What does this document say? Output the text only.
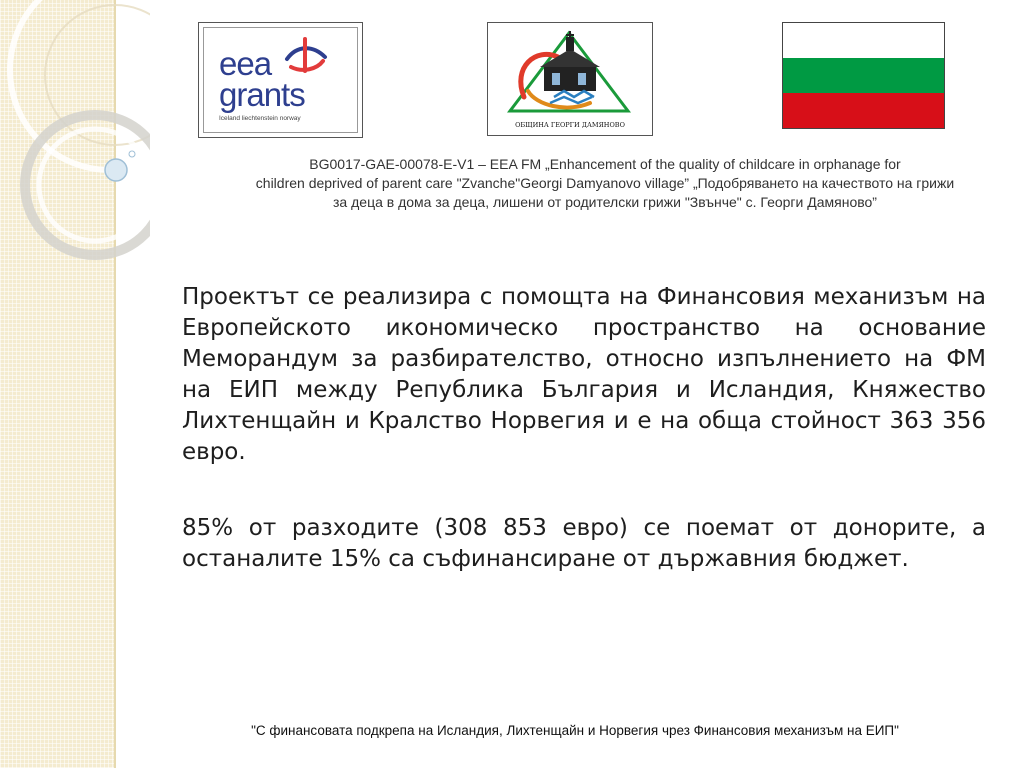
eea
grants
Iceland liechtenstein norway
ОБЩИНА ГЕОРГИ ДАМЯНОВО
BG0017-GAE-00078-E-V1 – EEA FM „Enhancement of the quality of childcare in orphanage for
children deprived of parent care "Zvanche"Georgi Damyanovo village” „Подобряването на качеството на грижи
за деца в дома за деца, лишени от родителски грижи "Звънче" с. Георги Дамяново”

Проектът се реализира с помощта на Финансовия механизъм на Европейското икономическо пространство на основание Меморандум за разбирателство, относно изпълнението на ФМ на ЕИП между Република България и Исландия, Княжество Лихтенщайн и Кралство Норвегия и е на обща стойност 363 356 евро.

85% от разходите (308 853 евро) се поемат от донорите, а останалите 15% са съфинансиране от държавния бюджет.

"С финансовата подкрепа на Исландия, Лихтенщайн и Норвегия чрез Финансовия механизъм на ЕИП"
